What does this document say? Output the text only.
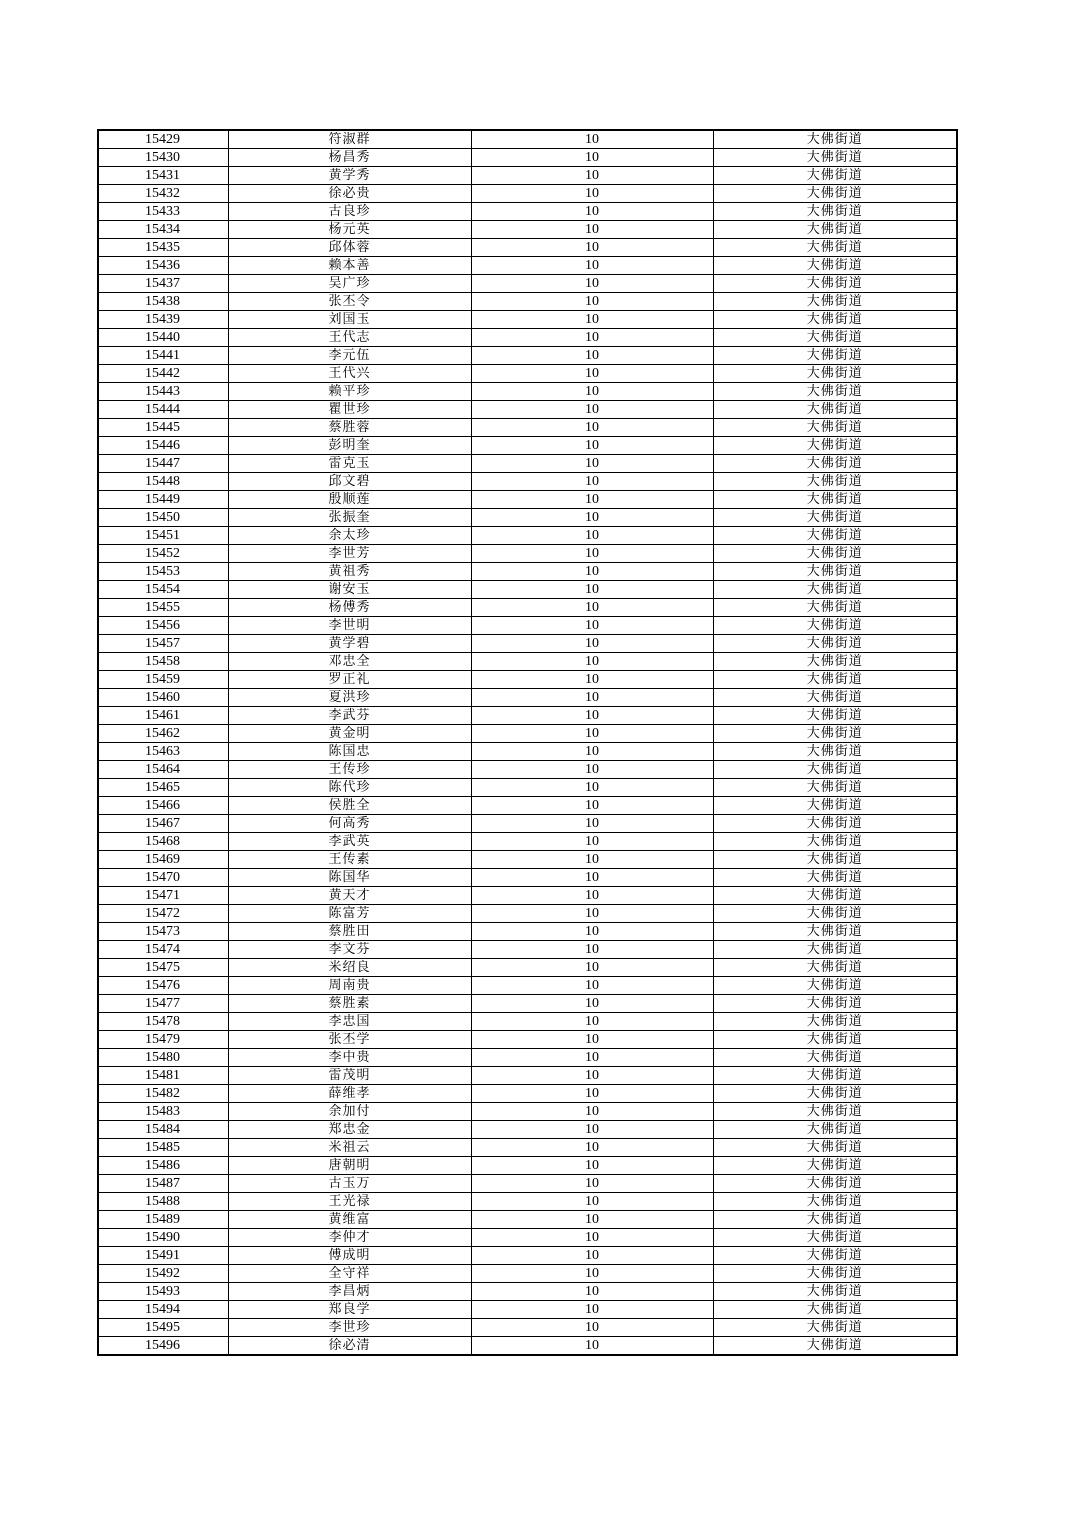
15429	符淑群	10	大佛街道
15430	杨昌秀	10	大佛街道
15431	黄学秀	10	大佛街道
15432	徐必贵	10	大佛街道
15433	古良珍	10	大佛街道
15434	杨元英	10	大佛街道
15435	邱体蓉	10	大佛街道
15436	赖本善	10	大佛街道
15437	吴广珍	10	大佛街道
15438	张丕令	10	大佛街道
15439	刘国玉	10	大佛街道
15440	王代志	10	大佛街道
15441	李元伍	10	大佛街道
15442	王代兴	10	大佛街道
15443	赖平珍	10	大佛街道
15444	瞿世珍	10	大佛街道
15445	蔡胜蓉	10	大佛街道
15446	彭明奎	10	大佛街道
15447	雷克玉	10	大佛街道
15448	邱文碧	10	大佛街道
15449	殷顺莲	10	大佛街道
15450	张振奎	10	大佛街道
15451	余太珍	10	大佛街道
15452	李世芳	10	大佛街道
15453	黄祖秀	10	大佛街道
15454	谢安玉	10	大佛街道
15455	杨傅秀	10	大佛街道
15456	李世明	10	大佛街道
15457	黄学碧	10	大佛街道
15458	邓忠全	10	大佛街道
15459	罗正礼	10	大佛街道
15460	夏洪珍	10	大佛街道
15461	李武芬	10	大佛街道
15462	黄金明	10	大佛街道
15463	陈国忠	10	大佛街道
15464	王传珍	10	大佛街道
15465	陈代珍	10	大佛街道
15466	侯胜全	10	大佛街道
15467	何高秀	10	大佛街道
15468	李武英	10	大佛街道
15469	王传素	10	大佛街道
15470	陈国华	10	大佛街道
15471	黄天才	10	大佛街道
15472	陈富芳	10	大佛街道
15473	蔡胜田	10	大佛街道
15474	李文芬	10	大佛街道
15475	米绍良	10	大佛街道
15476	周南贵	10	大佛街道
15477	蔡胜素	10	大佛街道
15478	李忠国	10	大佛街道
15479	张丕学	10	大佛街道
15480	李中贵	10	大佛街道
15481	雷茂明	10	大佛街道
15482	薛维孝	10	大佛街道
15483	余加付	10	大佛街道
15484	郑忠金	10	大佛街道
15485	米祖云	10	大佛街道
15486	唐朝明	10	大佛街道
15487	古玉万	10	大佛街道
15488	王光禄	10	大佛街道
15489	黄维富	10	大佛街道
15490	李仲才	10	大佛街道
15491	傅成明	10	大佛街道
15492	全守祥	10	大佛街道
15493	李昌炳	10	大佛街道
15494	郑良学	10	大佛街道
15495	李世珍	10	大佛街道
15496	徐必清	10	大佛街道
